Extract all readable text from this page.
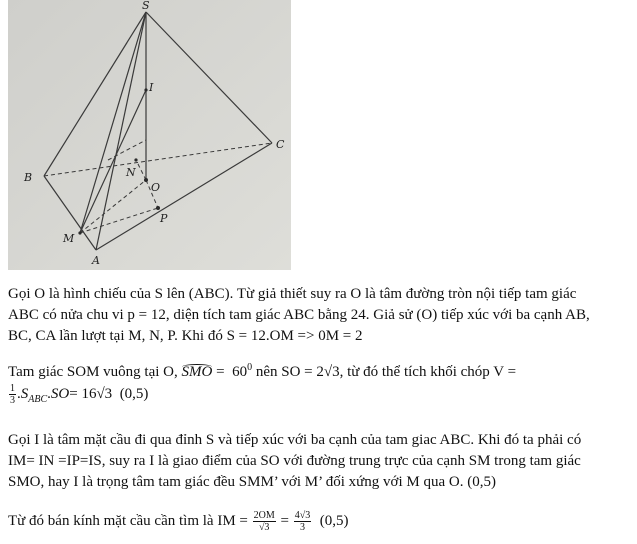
S
C
B
I
N
O
P
M
A
Gọi O là hình chiếu của S lên (ABC). Từ giả thiết suy ra O là tâm đường tròn nội tiếp tam giác
ABC có nửa chu vi p = 12, diện tích tam giác ABC bằng 24. Giả sử (O) tiếp xúc với ba cạnh AB,
BC, CA lần lượt tại M, N, P. Khi đó S = 12.OM => 0M = 2
Tam giác SOM vuông tại O, SMO = $60^0$ nên SO = 2√3, từ đó thể tích khối chóp V =
$\frac{1}{3} .S_{ABC}.SO= 16√3$ (0,5)
Gọi I là tâm mặt cầu đi qua đỉnh S và tiếp xúc với ba cạnh của tam giac ABC. Khi đó ta phải có
IM= IN =IP=IS, suy ra I là giao điểm của SO với đường trung trực của cạnh SM trong tam giác
SMO, hay I là trọng tâm tam giác đều SMM’ với M’ đối xứng với M qua O. (0,5)
Từ đó bán kính mặt cầu cần tìm là IM = $\frac{2OM}{√3} = \frac{4√3}{3} (0,5)$
